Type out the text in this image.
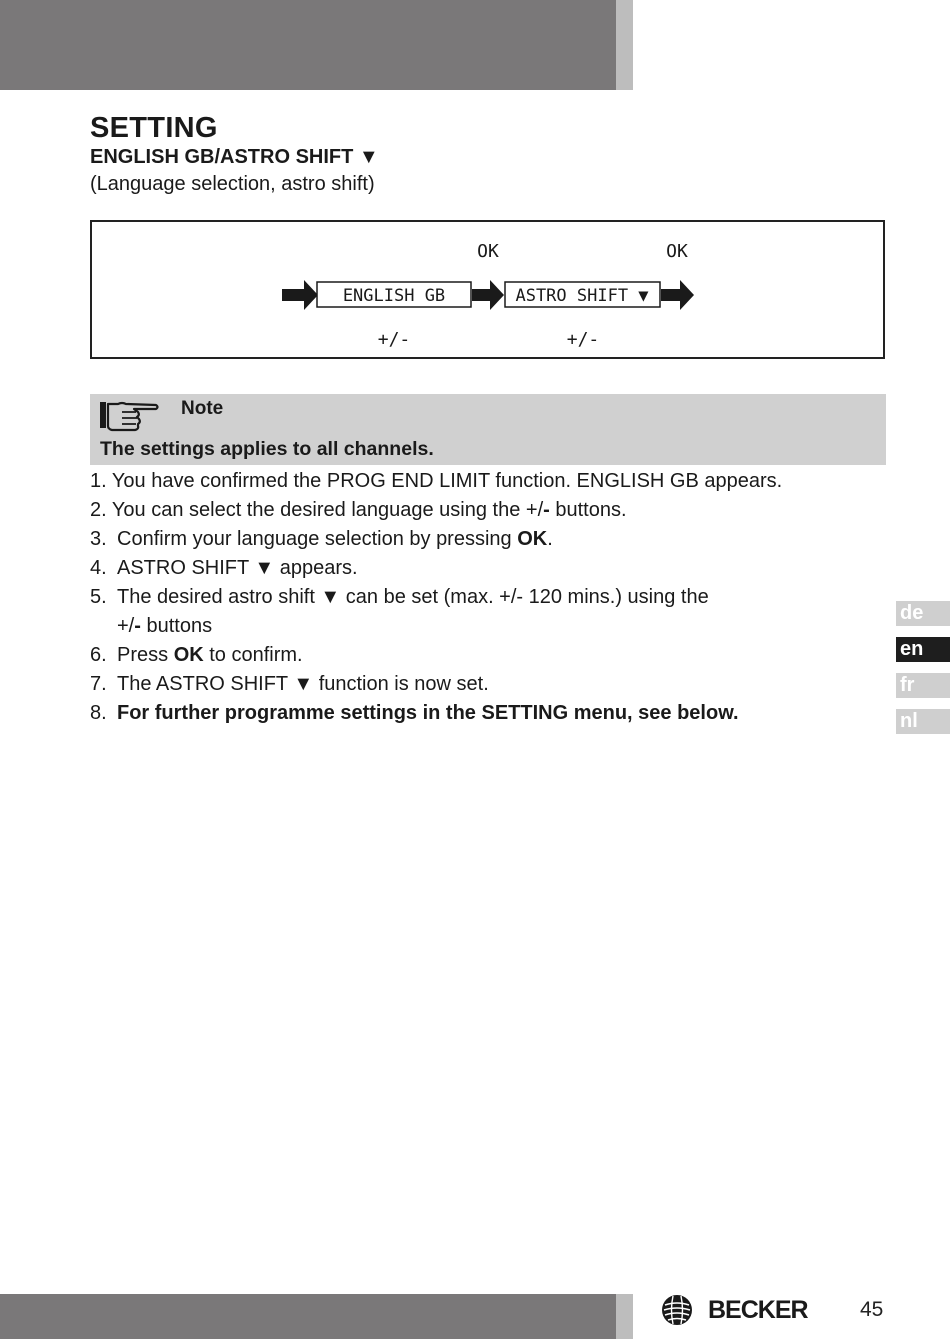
SETTING
ENGLISH GB/ASTRO SHIFT ▼
(Language selection, astro shift)
ENGLISH GB	ASTRO SHIFT ▼
OK	OK
+/-	+/-
Note
The settings applies to all channels.
1. You have confirmed the PROG END LIMIT function. ENGLISH GB appears.
2. You can select the desired language using the +/- buttons.
3. Confirm your language selection by pressing OK.
4. ASTRO SHIFT ▼ appears.
5. The desired astro shift ▼ can be set (max. +/- 120 mins.) using the
+/- buttons
6. Press OK to confirm.
7. The ASTRO SHIFT ▼ function is now set.
8. For further programme settings in the SETTING menu, see below.
de
en
fr
nl
BECKER 45
